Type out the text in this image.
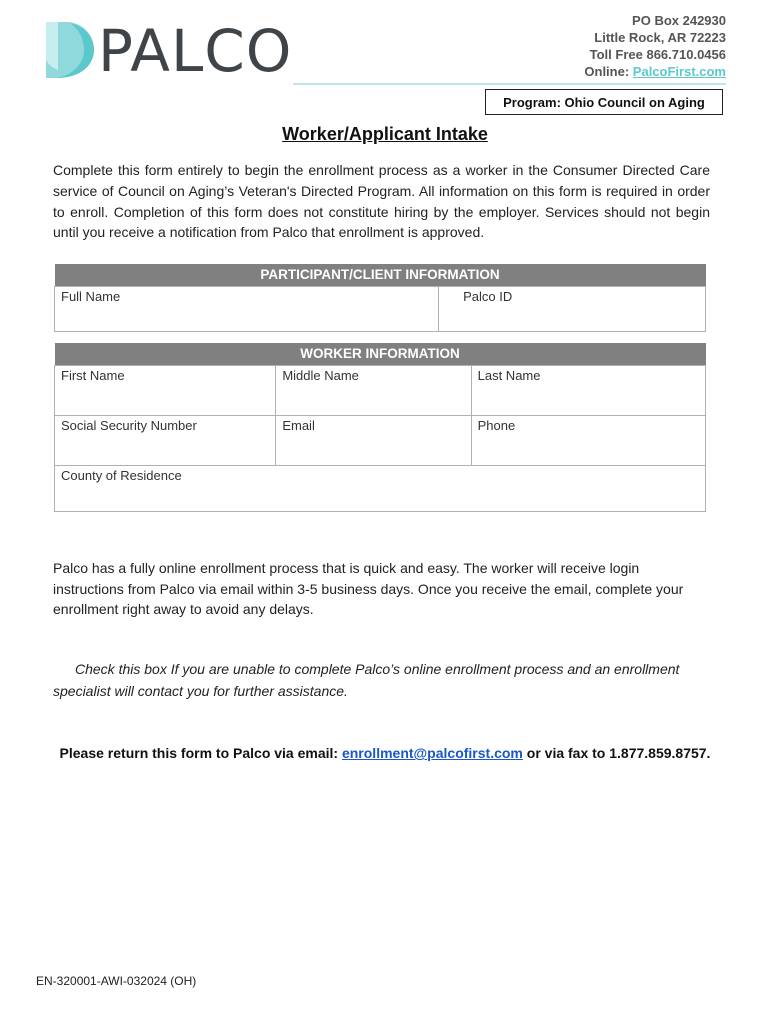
PALCO	PO Box 242930
Little Rock, AR 72223
Toll Free 866.710.0456
Online: PalcoFirst.com
Program: Ohio Council on Aging
Worker/Applicant Intake
Complete this form entirely to begin the enrollment process as a worker in the Consumer Directed Care service of Council on Aging’s Veteran's Directed Program. All information on this form is required in order to enroll. Completion of this form does not constitute hiring by the employer. Services should not begin until you receive a notification from Palco that enrollment is approved.
PARTICIPANT/CLIENT INFORMATION
Full Name	Palco ID
WORKER INFORMATION		
First Name	Middle Name	Last Name
Social Security Number	Email	Phone
County of Residence		
Palco has a fully online enrollment process that is quick and easy. The worker will receive login instructions from Palco via email within 3-5 business days. Once you receive the email, complete your enrollment right away to avoid any delays.
Check this box If you are unable to complete Palco’s online enrollment process and an enrollment specialist will contact you for further assistance.
Please return this form to Palco via email: enrollment@palcofirst.com or via fax to 1.877.859.8757.
EN-320001-AWI-032024 (OH)
